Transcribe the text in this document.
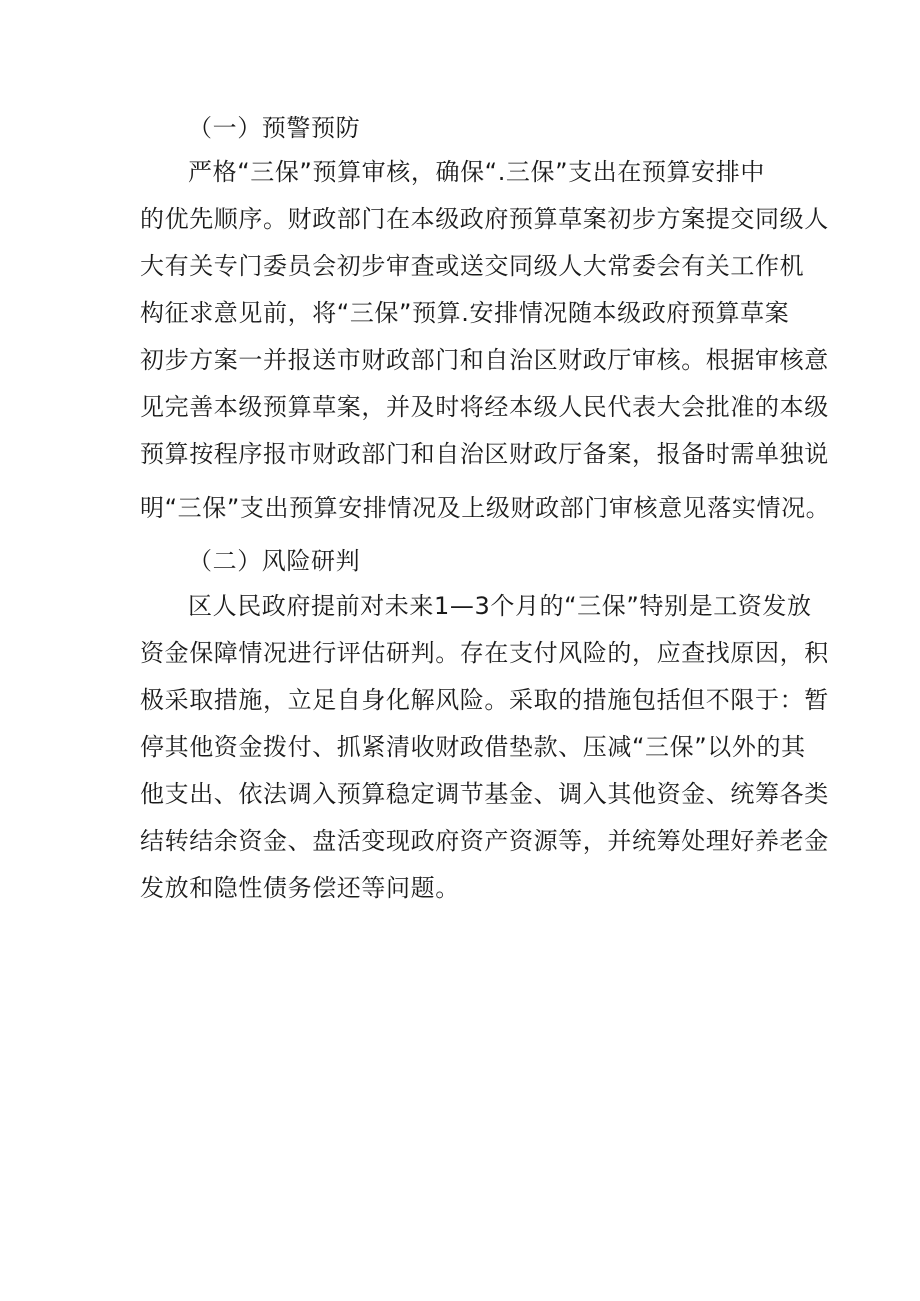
（一）预警预防
严格“三保”预算审核，确保“.三保”支出在预算安排中
的优先顺序。财政部门在本级政府预算草案初步方案提交同级人
大有关专门委员会初步审査或送交同级人大常委会有关工作机
构征求意见前，将“三保”预算.安排情况随本级政府预算草案
初步方案一并报送市财政部门和自治区财政厅审核。根据审核意
见完善本级预算草案，并及时将经本级人民代表大会批准的本级
预算按程序报市财政部门和自治区财政厅备案，报备时需单独说
明“三保”支出预算安排情况及上级财政部门审核意见落实情况。
（二）风险研判
区人民政府提前对未来1—3个月的“三保”特别是工资发放
资金保障情况进行评估研判。存在支付风险的，应查找原因，积
极采取措施，立足自身化解风险。采取的措施包括但不限于：暂
停其他资金拨付、抓紧清收财政借垫款、压减“三保”以外的其
他支出、依法调入预算稳定调节基金、调入其他资金、统筹各类
结转结余资金、盘活变现政府资产资源等，并统筹处理好养老金
发放和隐性债务偿还等问题。
